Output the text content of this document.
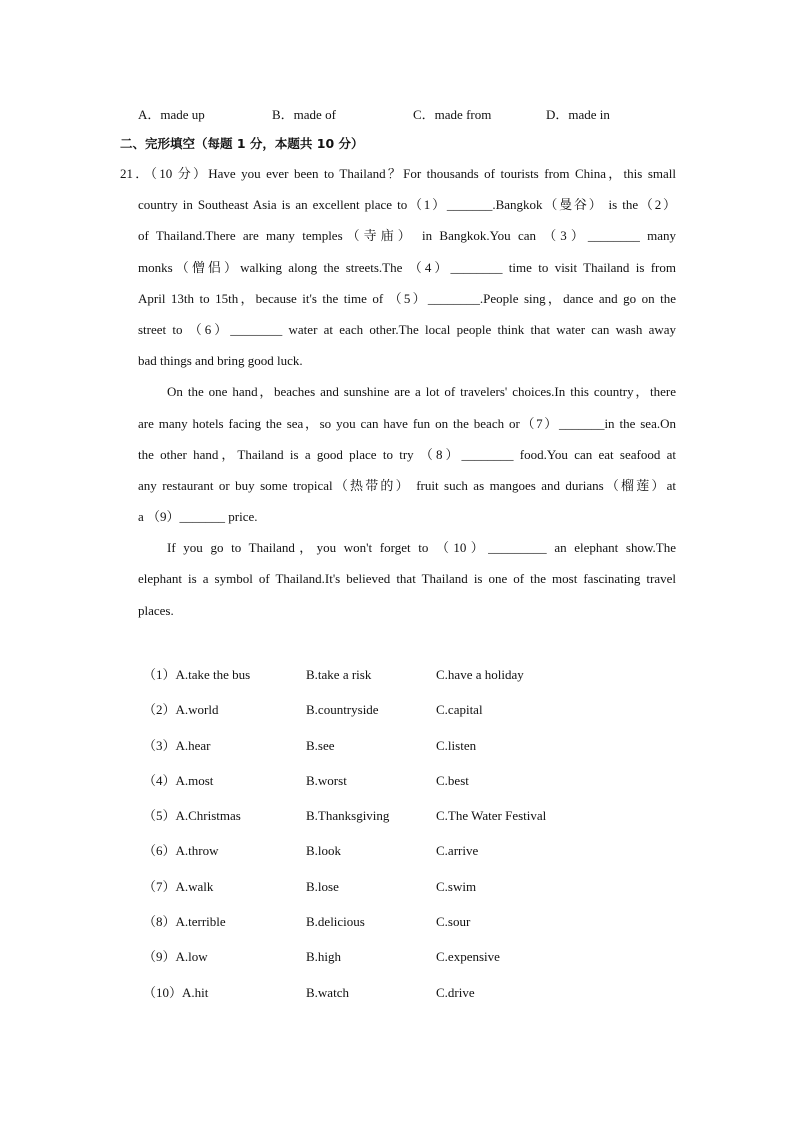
A．made up	B．made of	C．made from	D．made in
二、完形填空（每题 1 分，本题共 10 分）
21．（10 分）Have you ever been to Thailand？For thousands of tourists from China，this small
country in Southeast Asia is an excellent place to（1）_______.Bangkok（曼谷） is the（2）
of Thailand.There are many temples（寺庙） in Bangkok.You can （3）________ many
monks（僧侣）walking along the streets.The （4）________ time to visit Thailand is from
April 13th to 15th，because it's the time of （5）________.People sing，dance and go on the
street to （6）________ water at each other.The local people think that water can wash away
bad things and bring good luck.
On the one hand，beaches and sunshine are a lot of travelers' choices.In this country，there
are many hotels facing the sea，so you can have fun on the beach or（7）_______in the sea.On
the other hand，Thailand is a good place to try （8）________ food.You can eat seafood at
any restaurant or buy some tropical（热带的） fruit such as mangoes and durians（榴莲）at
a （9）_______ price.
If you go to Thailand，you won't forget to （10）_________ an elephant show.The
elephant is a symbol of Thailand.It's believed that Thailand is one of the most fascinating travel
places.
（1）A.take the bus	B.take a risk	C.have a holiday
（2）A.world	B.countryside	C.capital
（3）A.hear	B.see	C.listen
（4）A.most	B.worst	C.best
（5）A.Christmas	B.Thanksgiving	C.The Water Festival
（6）A.throw	B.look	C.arrive
（7）A.walk	B.lose	C.swim
（8）A.terrible	B.delicious	C.sour
（9）A.low	B.high	C.expensive
（10）A.hit	B.watch	C.drive
